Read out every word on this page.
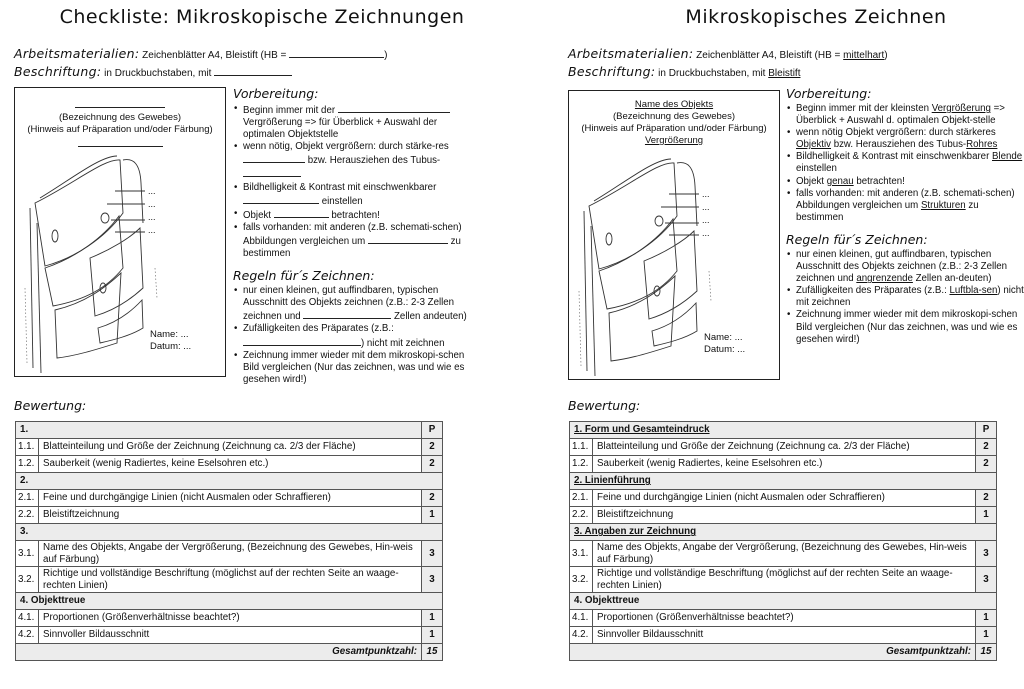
Checkliste: Mikroskopische Zeichnungen
Arbeitsmaterialien: Zeichenblätter A4, Bleistift (HB =	)
Beschriftung: in Druckbuchstaben, mit
(Bezeichnung des Gewebes)
(Hinweis auf Präparation und/oder Färbung)
...
...
...
...
Name: ...
Datum: ...
Vorbereitung:
• Beginn immer mit der  Vergrößerung => für Überblick + Auswahl der optimalen Objektstelle
• wenn nötig, Objekt vergrößern: durch stärke-res  bzw. Herausziehen des Tubus-
• Bildhelligkeit & Kontrast mit einschwenkbarer  einstellen
• Objekt	betrachten!
• falls vorhanden: mit anderen (z.B. schemati-schen) Abbildungen vergleichen um	zu bestimmen
Regeln für ́s Zeichnen:
• nur einen kleinen, gut auffindbaren, typischen Ausschnitt des Objekts zeichnen (z.B.: 2-3 Zellen zeichnen und	Zellen andeuten)
• Zufälligkeiten des Präparates (z.B.: ) nicht mit zeichnen
• Zeichnung immer wieder mit dem mikroskopi-schen Bild vergleichen (Nur das zeichnen, was und wie es gesehen wird!)
Bewertung:
1.		P
1.1.	Blatteinteilung und Größe der Zeichnung (Zeichnung ca. 2/3 der Fläche)	2
1.2.	Sauberkeit (wenig Radiertes, keine Eselsohren etc.)	2
2.		
2.1.	Feine und durchgängige Linien (nicht Ausmalen oder Schraffieren)	2
2.2.	Bleistiftzeichnung	1
3.		
3.1.	Name des Objekts, Angabe der Vergrößerung, (Bezeichnung des Gewebes, Hin-weis auf Färbung)	3
3.2.	Richtige und vollständige Beschriftung (möglichst auf der rechten Seite an waage-rechten Linien)	3
4. Objekttreue		
4.1.	Proportionen (Größenverhältnisse beachtet?)	1
4.2.	Sinnvoller Bildausschnitt	1
Gesamtpunktzahl:		15
Mikroskopisches Zeichnen
Arbeitsmaterialien: Zeichenblätter A4, Bleistift (HB = mittelhart)
Beschriftung: in Druckbuchstaben, mit Bleistift
Name des Objekts
(Bezeichnung des Gewebes)
(Hinweis auf Präparation und/oder Färbung)
Vergrößerung
...
...
...
...
Name: ...
Datum: ...
Vorbereitung:
• Beginn immer mit der kleinsten Vergrößerung => Überblick + Auswahl d. optimalen Objekt-stelle
• wenn nötig Objekt vergrößern: durch stärkeres Objektiv bzw. Herausziehen des Tubus-Rohres
• Bildhelligkeit & Kontrast mit einschwenkbarer Blende einstellen
• Objekt genau betrachten!
• falls vorhanden: mit anderen (z.B. schemati-schen) Abbildungen vergleichen um Strukturen zu bestimmen
Regeln für ́s Zeichnen:
• nur einen kleinen, gut auffindbaren, typischen Ausschnitt des Objekts zeichnen (z.B.: 2-3 Zellen zeichnen und angrenzende Zellen an-deuten)
• Zufälligkeiten des Präparates (z.B.: Luftbla-sen) nicht mit zeichnen
• Zeichnung immer wieder mit dem mikroskopi-schen Bild vergleichen (Nur das zeichnen, was und wie es gesehen wird!)
Bewertung:
1. Form und Gesamteindruck		P
1.1.	Blatteinteilung und Größe der Zeichnung (Zeichnung ca. 2/3 der Fläche)	2
1.2.	Sauberkeit (wenig Radiertes, keine Eselsohren etc.)	2
2. Linienführung		
2.1.	Feine und durchgängige Linien (nicht Ausmalen oder Schraffieren)	2
2.2.	Bleistiftzeichnung	1
3. Angaben zur Zeichnung		
3.1.	Name des Objekts, Angabe der Vergrößerung, (Bezeichnung des Gewebes, Hin-weis auf Färbung)	3
3.2.	Richtige und vollständige Beschriftung (möglichst auf der rechten Seite an waage-rechten Linien)	3
4. Objekttreue		
4.1.	Proportionen (Größenverhältnisse beachtet?)	1
4.2.	Sinnvoller Bildausschnitt	1
Gesamtpunktzahl:		15
